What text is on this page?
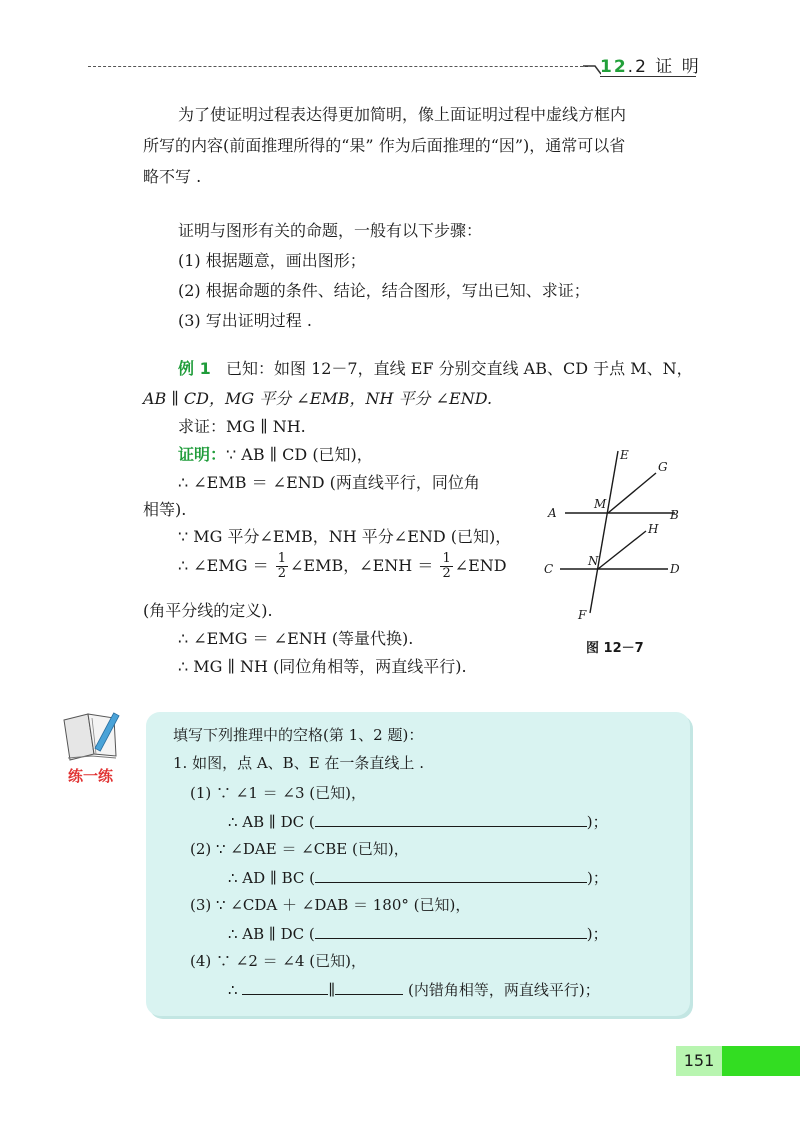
12.2 证 明
为了使证明过程表达得更加简明，像上面证明过程中虚线方框内
所写的内容(前面推理所得的“果” 作为后面推理的“因”)，通常可以省
略不写 .
证明与图形有关的命题，一般有以下步骤：
(1) 根据题意，画出图形；
(2) 根据命题的条件、结论，结合图形，写出已知、求证；
(3) 写出证明过程 .
例 1 已知：如图 12－7，直线 EF 分别交直线 AB、CD 于点 M、N，
AB ∥ CD，MG 平分 ∠EMB，NH 平分 ∠END.
求证：MG ∥ NH.
证明：∵ AB ∥ CD (已知)，
∴ ∠EMB ＝ ∠END (两直线平行，同位角
相等).
∵ MG 平分∠EMB，NH 平分∠END (已知)，
∴ ∠EMG ＝ $\frac{1}{2}$ ∠EMB，∠ENH ＝ $\frac{1}{2}$ ∠END
(角平分线的定义).
∴ ∠EMG ＝ ∠ENH (等量代换).
∴ MG ∥ NH (同位角相等，两直线平行).
E
G
A
M
B
H
C
N
D
F
图 12－7
练一练
填写下列推理中的空格(第 1、2 题)：
1. 如图，点 A、B、E 在一条直线上 .
(1) ∵ ∠1 ＝ ∠3 (已知)，
∴ AB ∥ DC (	)；
(2) ∵ ∠DAE ＝ ∠CBE (已知)，
∴ AD ∥ BC (	)；
(3) ∵ ∠CDA ＋ ∠DAB ＝ 180° (已知)，
∴ AB ∥ DC (	)；
(4) ∵ ∠2 ＝ ∠4 (已知)，
∴	∥	(内错角相等，两直线平行)；
151
